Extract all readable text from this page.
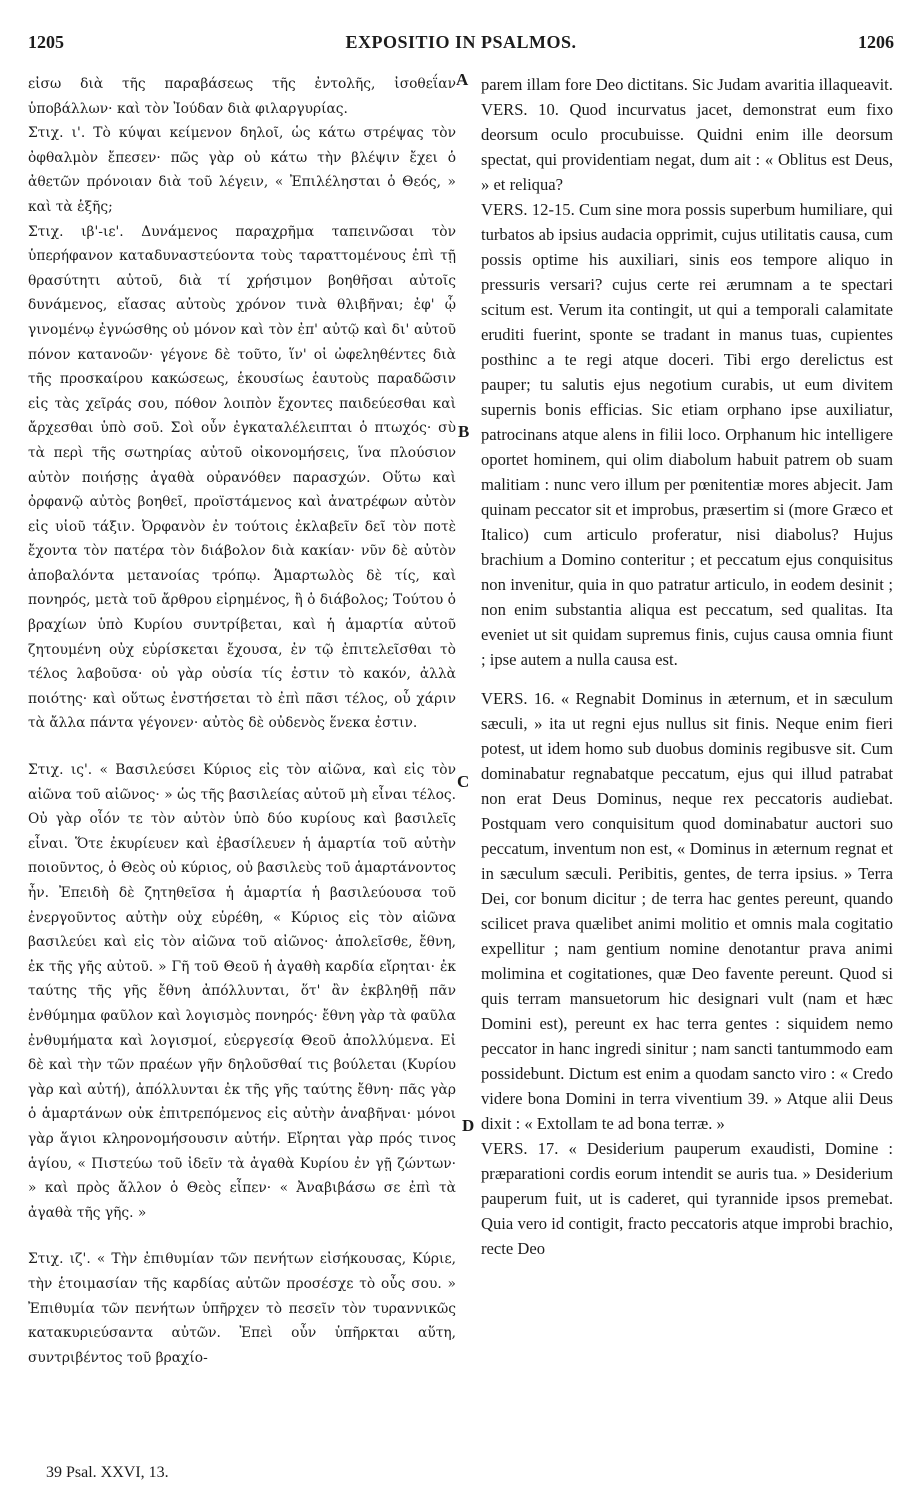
1205	EXPOSITIO IN PSALMOS.	1206

εἰσω διὰ τῆς παραβάσεως τῆς ἐντολῆς, ἰσοθεΐαν ὑποβάλλων· καὶ τὸν Ἰούδαν διὰ φιλαργυρίας.

Στιχ. ι'. Τὸ κύψαι κείμενον δηλοῖ, ὡς κάτω στρέψας τὸν ὀφθαλμὸν ἔπεσεν· πῶς γὰρ οὐ κάτω τὴν βλέψιν ἔχει ὁ ἀθετῶν πρόνοιαν διὰ τοῦ λέγειν, « Ἐπιλέλησται ὁ Θεός, » καὶ τὰ ἑξῆς;

Στιχ. ιβ'-ιε'. Δυνάμενος παραχρῆμα ταπεινῶσαι τὸν ὑπερήφανον καταδυναστεύοντα τοὺς ταραττομένους ἐπὶ τῇ θρασύτητι αὐτοῦ, διὰ τί χρήσιμον βοηθῆσαι αὐτοῖς δυνάμενος, εἴασας αὐτοὺς χρόνον τινὰ θλιβῆναι; ἐφ' ᾧ γινομένῳ ἐγνώσθης οὐ μόνον καὶ τὸν ἐπ' αὐτῷ καὶ δι' αὐτοῦ πόνον κατανοῶν· γέγονε δὲ τοῦτο, ἵν' οἱ ὠφεληθέντες διὰ τῆς προσκαίρου κακώσεως, ἑκουσίως ἑαυτοὺς παραδῶσιν εἰς τὰς χεῖράς σου, πόθον λοιπὸν ἔχοντες παιδεύεσθαι καὶ ἄρχεσθαι ὑπὸ σοῦ. Σοὶ οὖν ἐγκαταλέλειπται ὁ πτωχός· σὺ τὰ περὶ τῆς σωτηρίας αὐτοῦ οἰκονομήσεις, ἵνα πλούσιον αὐτὸν ποιήσῃς ἀγαθὰ οὐρανόθεν παρασχών. Οὕτω καὶ ὀρφανῷ αὐτὸς βοηθεῖ, προϊστάμενος καὶ ἀνατρέφων αὐτὸν εἰς υἱοῦ τάξιν. Ὀρφανὸν ἐν τούτοις ἐκλαβεῖν δεῖ τὸν ποτὲ ἔχοντα τὸν πατέρα τὸν διάβολον διὰ κακίαν· νῦν δὲ αὐτὸν ἀποβαλόντα μετανοίας τρόπῳ. Ἁμαρτωλὸς δὲ τίς, καὶ πονηρός, μετὰ τοῦ ἄρθρου εἰρημένος, ἢ ὁ διάβολος; Τούτου ὁ βραχίων ὑπὸ Κυρίου συντρίβεται, καὶ ἡ ἁμαρτία αὐτοῦ ζητουμένη οὐχ εὑρίσκεται ἔχουσα, ἐν τῷ ἐπιτελεῖσθαι τὸ τέλος λαβοῦσα· οὐ γὰρ οὐσία τίς ἐστιν τὸ κακόν, ἀλλὰ ποιότης· καὶ οὕτως ἐνστήσεται τὸ ἐπὶ πᾶσι τέλος, οὗ χάριν τὰ ἄλλα πάντα γέγονεν· αὐτὸς δὲ οὐδενὸς ἕνεκα ἐστιν.

Στιχ. ις'. « Βασιλεύσει Κύριος εἰς τὸν αἰῶνα, καὶ εἰς τὸν αἰῶνα τοῦ αἰῶνος· » ὡς τῆς βασιλείας αὐτοῦ μὴ εἶναι τέλος. Οὐ γὰρ οἷόν τε τὸν αὐτὸν ὑπὸ δύο κυρίους καὶ βασιλεῖς εἶναι. Ὅτε ἐκυρίευεν καὶ ἐβασίλευεν ἡ ἁμαρτία τοῦ αὐτὴν ποιοῦντος, ὁ Θεὸς οὐ κύριος, οὐ βασιλεὺς τοῦ ἁμαρτάνοντος ἦν. Ἐπειδὴ δὲ ζητηθεῖσα ἡ ἁμαρτία ἡ βασιλεύουσα τοῦ ἐνεργοῦντος αὐτὴν οὐχ εὑρέθη, « Κύριος εἰς τὸν αἰῶνα βασιλεύει καὶ εἰς τὸν αἰῶνα τοῦ αἰῶνος· ἀπολεῖσθε, ἔθνη, ἐκ τῆς γῆς αὐτοῦ. » Γῆ τοῦ Θεοῦ ἡ ἀγαθὴ καρδία εἴρηται· ἐκ ταύτης τῆς γῆς ἔθνη ἀπόλλυνται, ὅτ' ἂν ἐκβληθῇ πᾶν ἐνθύμημα φαῦλον καὶ λογισμὸς πονηρός· ἔθνη γὰρ τὰ φαῦλα ἐνθυμήματα καὶ λογισμοί, εὐεργεσίᾳ Θεοῦ ἀπολλύμενα. Εἰ δὲ καὶ τὴν τῶν πραέων γῆν δηλοῦσθαί τις βούλεται (Κυρίου γὰρ καὶ αὐτή), ἀπόλλυνται ἐκ τῆς γῆς ταύτης ἔθνη· πᾶς γὰρ ὁ ἁμαρτάνων οὐκ ἐπιτρεπόμενος εἰς αὐτὴν ἀναβῆναι· μόνοι γὰρ ἅγιοι κληρονομήσουσιν αὐτήν. Εἴρηται γὰρ πρός τινος ἁγίου, « Πιστεύω τοῦ ἰδεῖν τὰ ἀγαθὰ Κυρίου ἐν γῇ ζώντων· » καὶ πρὸς ἄλλον ὁ Θεὸς εἶπεν· « Ἀναβιβάσω σε ἐπὶ τὰ ἀγαθὰ τῆς γῆς. »

Στιχ. ιζ'. « Τὴν ἐπιθυμίαν τῶν πενήτων εἰσήκουσας, Κύριε, τὴν ἑτοιμασίαν τῆς καρδίας αὐτῶν προσέσχε τὸ οὖς σου. » Ἐπιθυμία τῶν πενήτων ὑπῆρχεν τὸ πεσεῖν τὸν τυραννικῶς κατακυριεύσαντα αὐτῶν. Ἐπεὶ οὖν ὑπῆρκται αὕτη, συντριβέντος τοῦ βραχίο-

parem illam fore Deo dictitans. Sic Judam avaritia illaqueavit.

VERS. 10. Quod incurvatus jacet, demonstrat eum fixo deorsum oculo procubuisse. Quidni enim ille deorsum spectat, qui providentiam negat, dum ait : « Oblitus est Deus, » et reliqua?

VERS. 12-15. Cum sine mora possis superbum humiliare, qui turbatos ab ipsius audacia opprimit, cujus utilitatis causa, cum possis optime his auxiliari, sinis eos tempore aliquo in pressuris versari? cujus certe rei ærumnam a te spectari scitum est. Verum ita contingit, ut qui a temporali calamitate eruditi fuerint, sponte se tradant in manus tuas, cupientes posthinc a te regi atque doceri. Tibi ergo derelictus est pauper; tu salutis ejus negotium curabis, ut eum divitem supernis bonis efficias. Sic etiam orphano ipse auxiliatur, patrocinans atque alens in filii loco. Orphanum hic intelligere oportet hominem, qui olim diabolum habuit patrem ob suam malitiam : nunc vero illum per pœnitentiæ mores abjecit. Jam quinam peccator sit et improbus, præsertim si (more Græco et Italico) cum articulo proferatur, nisi diabolus? Hujus brachium a Domino conteritur ; et peccatum ejus conquisitus non invenitur, quia in quo patratur articulo, in eodem desinit ; non enim substantia aliqua est peccatum, sed qualitas. Ita eveniet ut sit quidam supremus finis, cujus causa omnia fiunt ; ipse autem a nulla causa est.

VERS. 16. « Regnabit Dominus in æternum, et in sæculum sæculi, » ita ut regni ejus nullus sit finis. Neque enim fieri potest, ut idem homo sub duobus dominis regibusve sit. Cum dominabatur regnabatque peccatum, ejus qui illud patrabat non erat Deus Dominus, neque rex peccatoris audiebat. Postquam vero conquisitum quod dominabatur auctori suo peccatum, inventum non est, « Dominus in æternum regnat et in sæculum sæculi. Peribitis, gentes, de terra ipsius. » Terra Dei, cor bonum dicitur ; de terra hac gentes pereunt, quando scilicet prava quælibet animi molitio et omnis mala cogitatio expellitur ; nam gentium nomine denotantur prava animi molimina et cogitationes, quæ Deo favente pereunt. Quod si quis terram mansuetorum hic designari vult (nam et hæc Domini est), pereunt ex hac terra gentes : siquidem nemo peccator in hanc ingredi sinitur ; nam sancti tantummodo eam possidebunt. Dictum est enim a quodam sancto viro : « Credo videre bona Domini in terra viventium 39. » Atque alii Deus dixit : « Extollam te ad bona terræ. »

VERS. 17. « Desiderium pauperum exaudisti, Domine : præparationi cordis eorum intendit se auris tua. » Desiderium pauperum fuit, ut is caderet, qui tyrannide ipsos premebat. Quia vero id contigit, fracto peccatoris atque improbi brachio, recte Deo

A
B
C
D
39 Psal. XXVI, 13.
